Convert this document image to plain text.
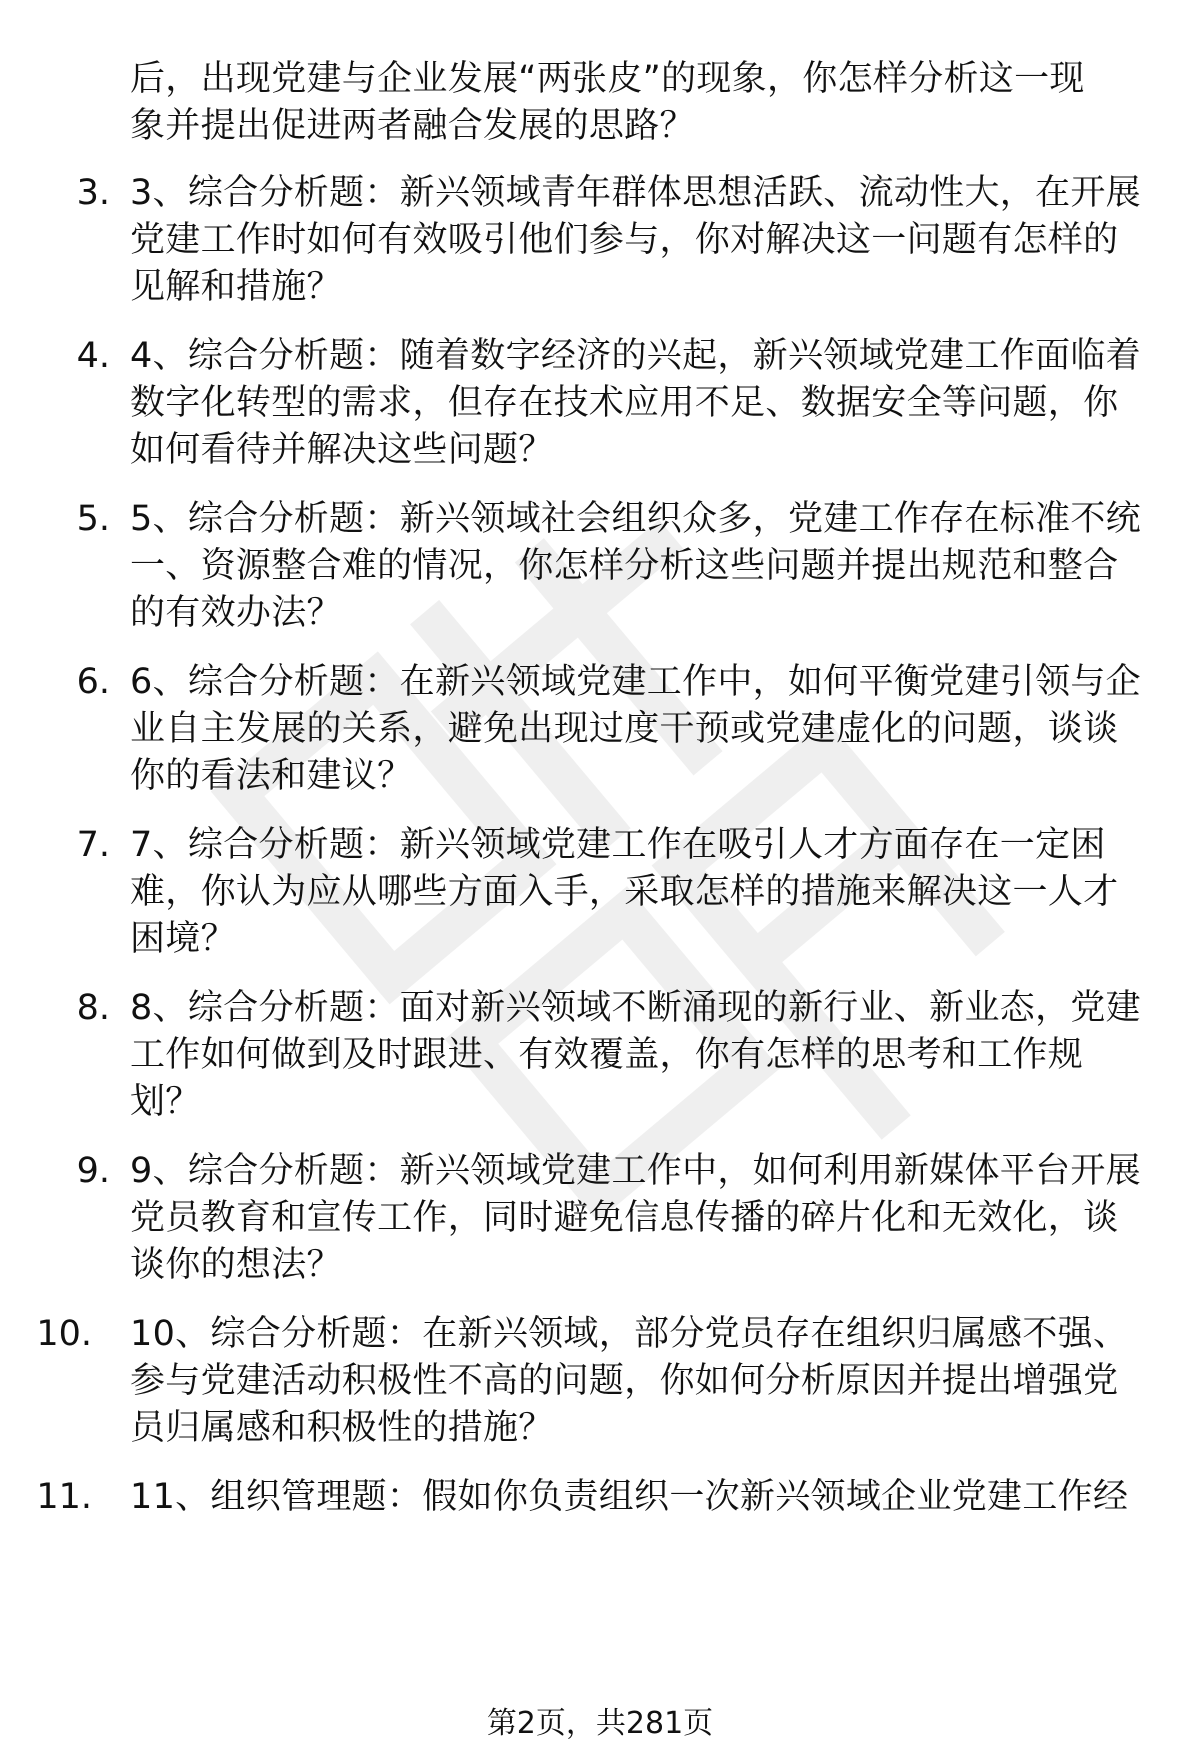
后，出现党建与企业发展“两张皮”的现象，你怎样分析这一现
象并提出促进两者融合发展的思路？
3. 3、综合分析题：新兴领域青年群体思想活跃、流动性大，在开展
党建工作时如何有效吸引他们参与，你对解决这一问题有怎样的
见解和措施？
4. 4、综合分析题：随着数字经济的兴起，新兴领域党建工作面临着
数字化转型的需求，但存在技术应用不足、数据安全等问题，你
如何看待并解决这些问题？
5. 5、综合分析题：新兴领域社会组织众多，党建工作存在标准不统
一、资源整合难的情况，你怎样分析这些问题并提出规范和整合
的有效办法？
6. 6、综合分析题：在新兴领域党建工作中，如何平衡党建引领与企
业自主发展的关系，避免出现过度干预或党建虚化的问题，谈谈
你的看法和建议？
7. 7、综合分析题：新兴领域党建工作在吸引人才方面存在一定困
难，你认为应从哪些方面入手，采取怎样的措施来解决这一人才
困境？
8. 8、综合分析题：面对新兴领域不断涌现的新行业、新业态，党建
工作如何做到及时跟进、有效覆盖，你有怎样的思考和工作规
划？
9. 9、综合分析题：新兴领域党建工作中，如何利用新媒体平台开展
党员教育和宣传工作，同时避免信息传播的碎片化和无效化，谈
谈你的想法？
10. 10、综合分析题：在新兴领域，部分党员存在组织归属感不强、
参与党建活动积极性不高的问题，你如何分析原因并提出增强党
员归属感和积极性的措施？
11. 11、组织管理题：假如你负责组织一次新兴领域企业党建工作经
第2页，共281页
